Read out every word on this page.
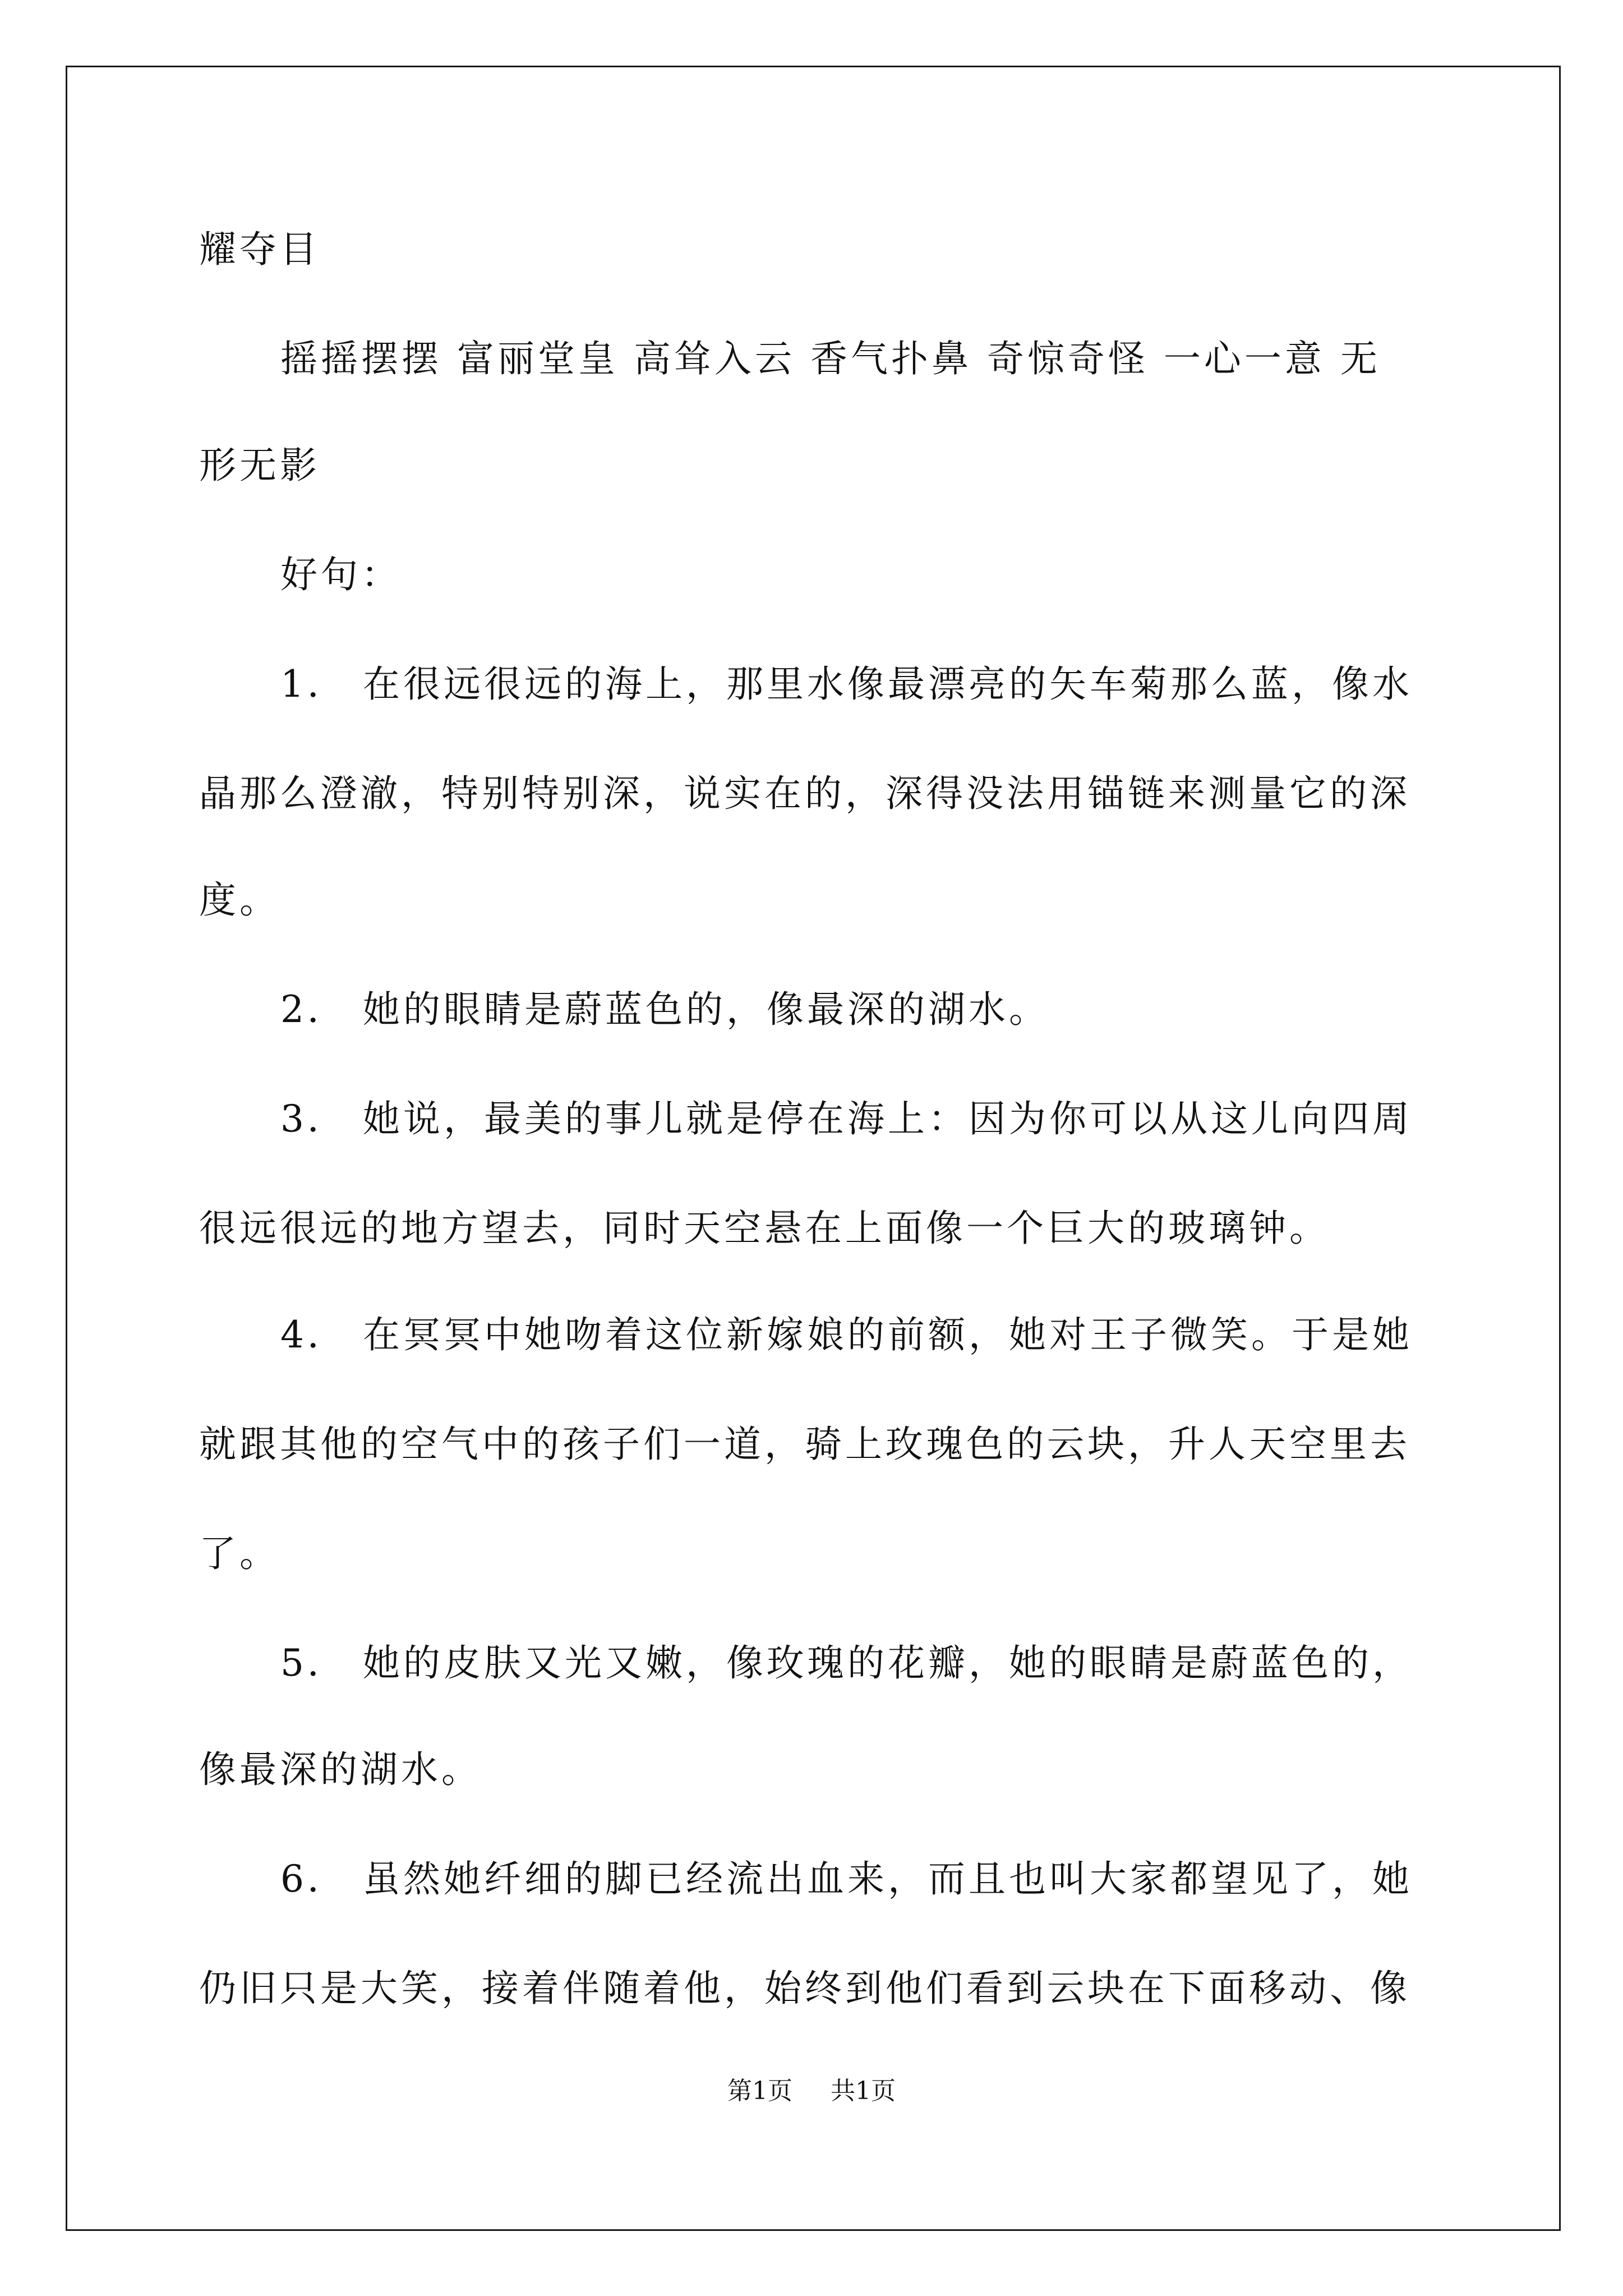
耀夺目
摇摇摆摆 富丽堂皇 高耸入云 香气扑鼻 奇惊奇怪 一心一意 无
形无影
好句：
1． 在很远很远的海上，那里水像最漂亮的矢车菊那么蓝，像水
晶那么澄澈，特别特别深，说实在的，深得没法用锚链来测量它的深
度。
2． 她的眼睛是蔚蓝色的，像最深的湖水。
3． 她说，最美的事儿就是停在海上：因为你可以从这儿向四周
很远很远的地方望去，同时天空悬在上面像一个巨大的玻璃钟。
4． 在冥冥中她吻着这位新嫁娘的前额，她对王子微笑。于是她
就跟其他的空气中的孩子们一道，骑上玫瑰色的云块，升人天空里去
了。
5． 她的皮肤又光又嫩，像玫瑰的花瓣，她的眼睛是蔚蓝色的，
像最深的湖水。
6． 虽然她纤细的脚已经流出血来，而且也叫大家都望见了，她
仍旧只是大笑，接着伴随着他，始终到他们看到云块在下面移动、像
第1页 共1页
